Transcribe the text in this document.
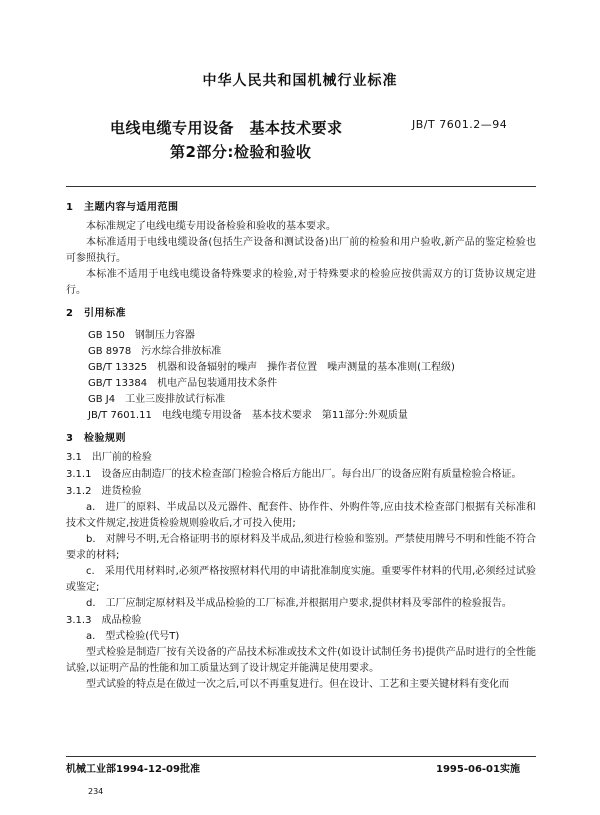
中华人民共和国机械行业标准
电线电缆专用设备　基本技术要求	JB/T 7601.2—94
第2部分:检验和验收
1　主题内容与适用范围
本标准规定了电线电缆专用设备检验和验收的基本要求。
本标准适用于电线电缆设备(包括生产设备和测试设备)出厂前的检验和用户验收,新产品的鉴定检验也可参照执行。
本标准不适用于电线电缆设备特殊要求的检验,对于特殊要求的检验应按供需双方的订货协议规定进行。
2　引用标准
GB 150　钢制压力容器
GB 8978　污水综合排放标准
GB/T 13325　机器和设备辐射的噪声　操作者位置　噪声测量的基本准则(工程级)
GB/T 13384　机电产品包装通用技术条件
GB J4　工业三废排放试行标准
JB/T 7601.11　电线电缆专用设备　基本技术要求　第11部分:外观质量
3　检验规则
3.1　出厂前的检验
3.1.1　设备应由制造厂的技术检查部门检验合格后方能出厂。每台出厂的设备应附有质量检验合格证。
3.1.2　进货检验
a.　进厂的原料、半成品以及元器件、配套件、协作件、外购件等,应由技术检查部门根据有关标准和技术文件规定,按进货检验规则验收后,才可投入使用;
b.　对牌号不明,无合格证明书的原材料及半成品,须进行检验和鉴别。严禁使用牌号不明和性能不符合要求的材料;
c.　采用代用材料时,必须严格按照材料代用的申请批准制度实施。重要零件材料的代用,必须经过试验或鉴定;
d.　工厂应制定原材料及半成品检验的工厂标准,并根据用户要求,提供材料及零部件的检验报告。
3.1.3　成品检验
a.　型式检验(代号T)
型式检验是制造厂按有关设备的产品技术标准或技术文件(如设计试制任务书)提供产品时进行的全性能试验,以证明产品的性能和加工质量达到了设计规定并能满足使用要求。
型式试验的特点是在做过一次之后,可以不再重复进行。但在设计、工艺和主要关键材料有变化而
机械工业部1994-12-09批准	1995-06-01实施
234
